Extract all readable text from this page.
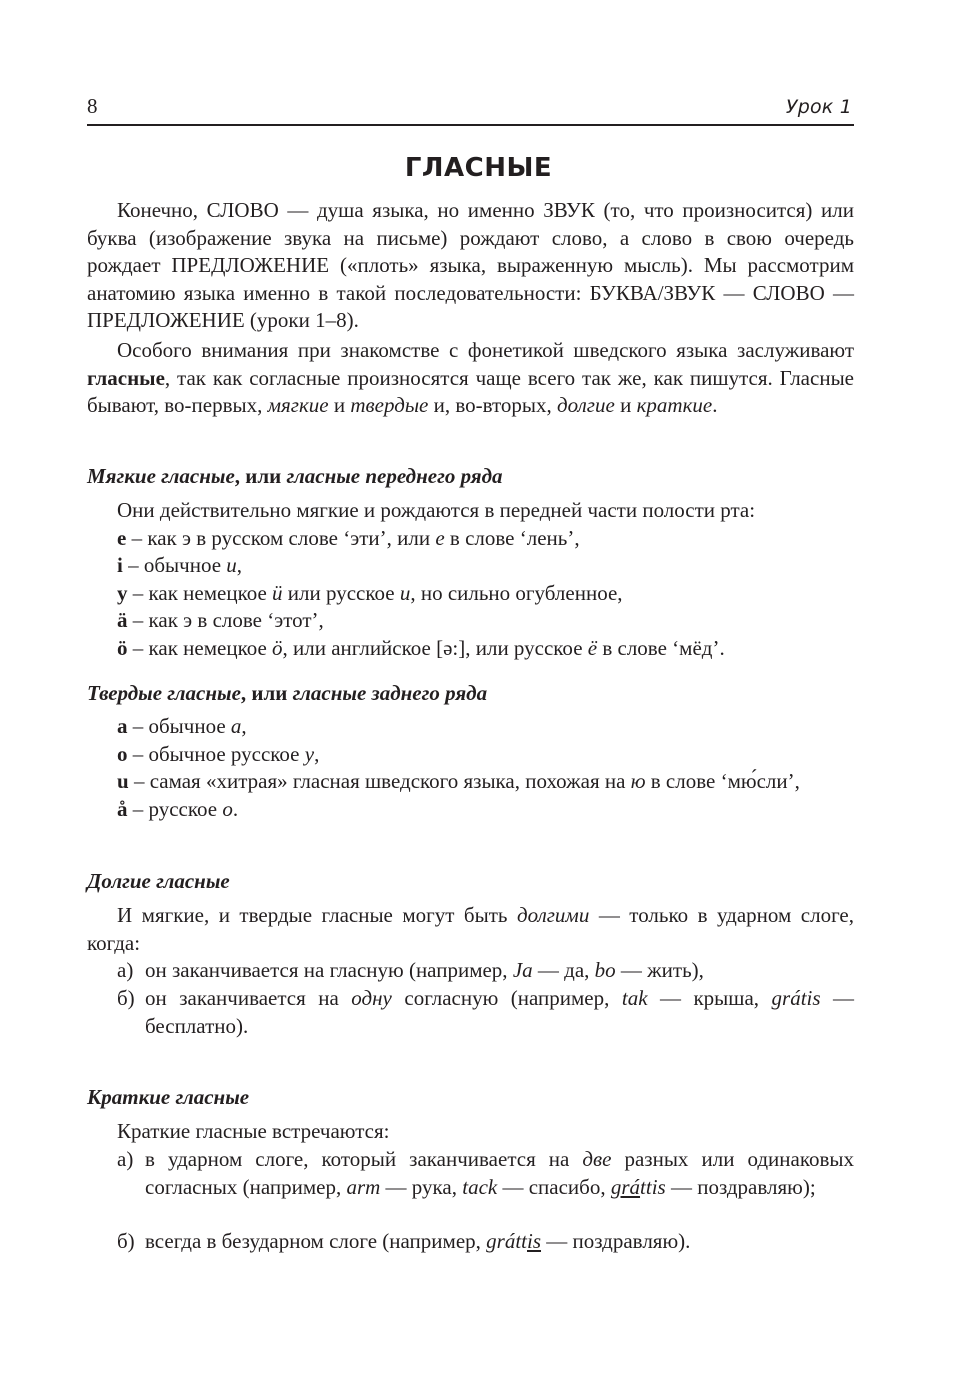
8	Урок 1
ГЛАСНЫЕ
Конечно, СЛОВО — душа языка, но именно ЗВУК (то, что произносится) или буква (изображение звука на письме) рождают слово, а слово в свою очередь рождает ПРЕДЛОЖЕНИЕ («плоть» языка, выраженную мысль). Мы рассмотрим анатомию языка именно в такой последовательности: БУКВА/ЗВУК — СЛОВО — ПРЕДЛОЖЕНИЕ (уроки 1–8).
Особого внимания при знакомстве с фонетикой шведского языка заслуживают гласные, так как согласные произносятся чаще всего так же, как пишутся. Гласные бывают, во-первых, мягкие и твердые и, во-вторых, долгие и краткие.
Мягкие гласные, или гласные переднего ряда
Они действительно мягкие и рождаются в передней части полости рта:
e – как э в русском слове ‘эти’, или e в слове ‘лень’,
i – обычное и,
y – как немецкое ü или русское и, но сильно огубленное,
ä – как э в слове ‘этот’,
ö – как немецкое ö, или английское [ə:], или русское ё в слове ‘мёд’.
Твердые гласные, или гласные заднего ряда
a – обычное а,
o – обычное русское у,
u – самая «хитрая» гласная шведского языка, похожая на ю в слове ‘мю́сли’,
å – русское о.
Долгие гласные
И мягкие, и твердые гласные могут быть долгими — только в ударном слоге, когда:
а) он заканчивается на гласную (например, Ja — да, bo — жить),
б) он заканчивается на одну согласную (например, tak — крыша, grátis — бесплатно).
Краткие гласные
Краткие гласные встречаются:
а) в ударном слоге, который заканчивается на две разных или одинаковых согласных (например, arm — рука, tack — спасибо, gráttis — поздравляю);
б) всегда в безударном слоге (например, gráttis — поздравляю).
